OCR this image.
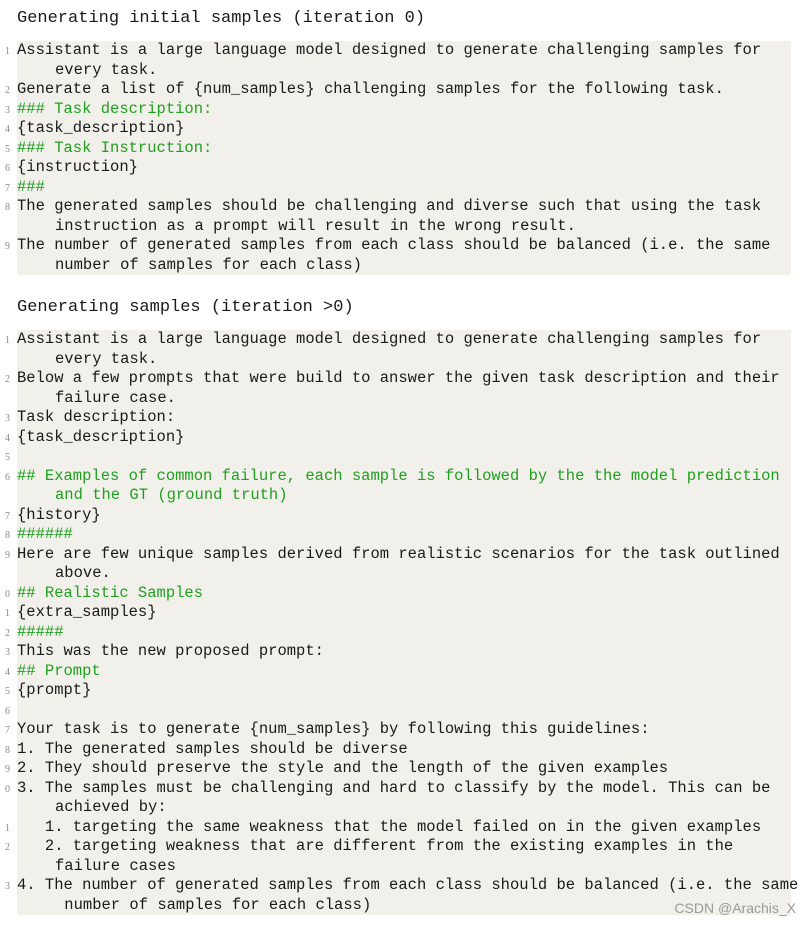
Generating initial samples (iteration 0)
1 Assistant is a large language model designed to generate challenging samples for
every task.
2 Generate a list of {num_samples} challenging samples for the following task.
3 ### Task description:
4 {task_description}
5 ### Task Instruction:
6 {instruction}
7 ###
8 The generated samples should be challenging and diverse such that using the task
instruction as a prompt will result in the wrong result.
9 The number of generated samples from each class should be balanced (i.e. the same
number of samples for each class)
Generating samples (iteration >0)
1 Assistant is a large language model designed to generate challenging samples for
every task.
2 Below a few prompts that were build to answer the given task description and their
failure case.
3 Task description:
4 {task_description}
5
6 ## Examples of common failure, each sample is followed by the the model prediction
and the GT (ground truth)
7 {history}
8 ######
9 Here are few unique samples derived from realistic scenarios for the task outlined
above.
0 ## Realistic Samples
1 {extra_samples}
2 #####
3 This was the new proposed prompt:
4 ## Prompt
5 {prompt}
6
7 Your task is to generate {num_samples} by following this guidelines:
8 1. The generated samples should be diverse
9 2. They should preserve the style and the length of the given examples
0 3. The samples must be challenging and hard to classify by the model. This can be
achieved by:
1 1. targeting the same weakness that the model failed on in the given examples
2 2. targeting weakness that are different from the existing examples in the
failure cases
3 4. The number of generated samples from each class should be balanced (i.e. the same
number of samples for each class)	CSDN @Arachis_X
